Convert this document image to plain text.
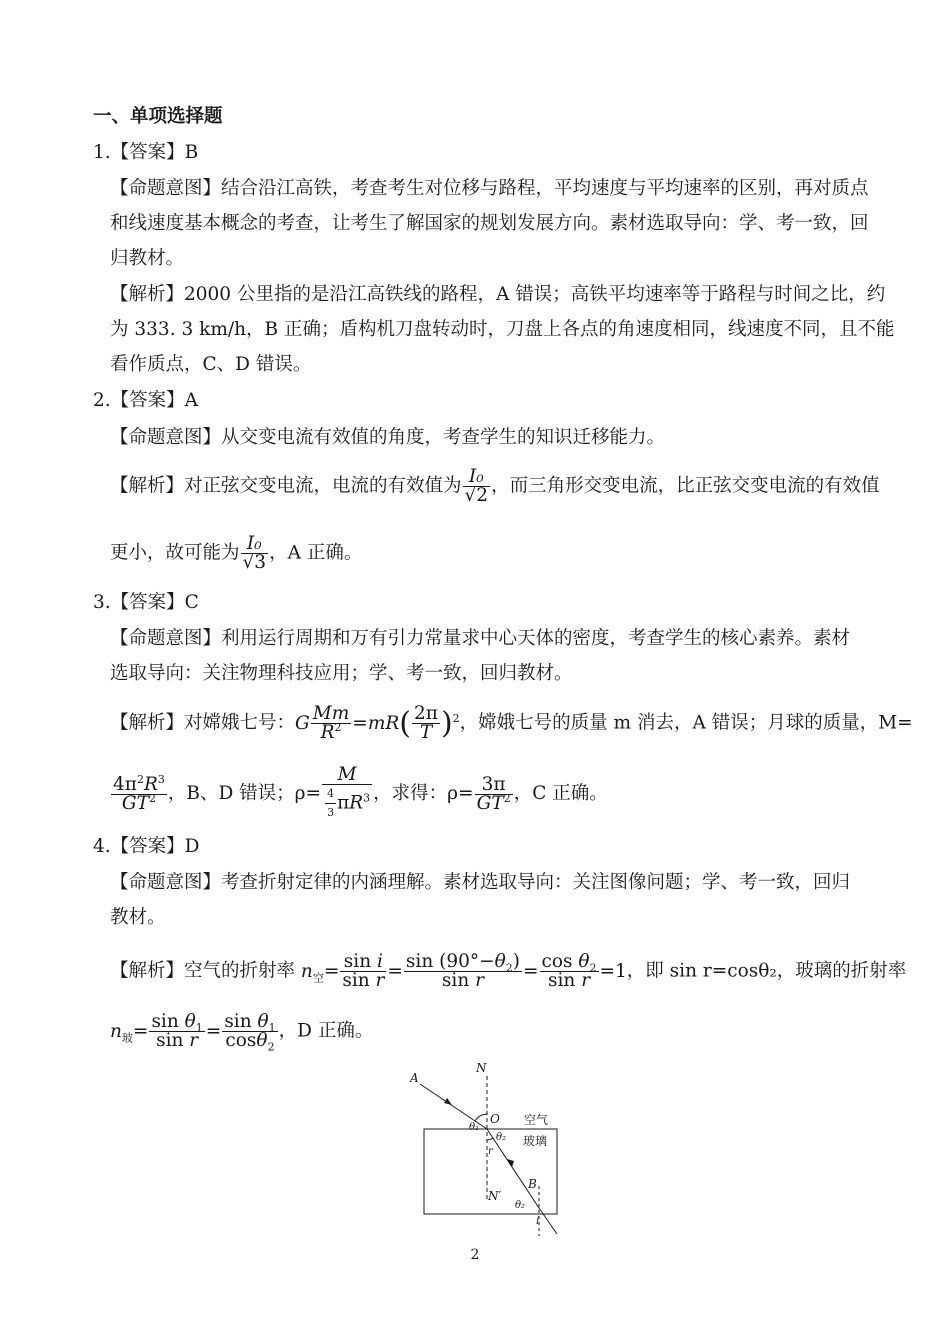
一、单项选择题
1.【答案】B
【命题意图】结合沿江高铁，考查考生对位移与路程，平均速度与平均速率的区别，再对质点
和线速度基本概念的考查，让考生了解国家的规划发展方向。素材选取导向：学、考一致，回
归教材。
【解析】2000 公里指的是沿江高铁线的路程，A 错误；高铁平均速率等于路程与时间之比，约
为 333. 3 km/h，B 正确；盾构机刀盘转动时，刀盘上各点的角速度相同，线速度不同，且不能
看作质点，C、D 错误。
2.【答案】A
【命题意图】从交变电流有效值的角度，考查学生的知识迁移能力。
【解析】对正弦交变电流，电流的有效值为 $\frac{\text{I₀}}{√2}$ ，而三角形交变电流，比正弦交变电流的有效值
更小，故可能为 $\frac{\text{I₀}}{√3}$ ，A 正确。
3.【答案】C
【命题意图】利用运行周期和万有引力常量求中心天体的密度，考查学生的核心素养。素材
选取导向：关注物理科技应用；学、考一致，回归教材。
【解析】对嫦娥七号：G $\frac{Mm}{R^2} =mR( \frac{2\pi}{T} )^2$，嫦娥七号的质量 m 消去，A 错误；月球的质量，M=
$\frac{4\pi^2R^3}{GT^2}$ ，B、D 错误；$\rho= \frac{M}{\frac{4}{3} \pi R^3}$ ，求得：$\rho= \frac{3\pi}{GT^2}$ ，C 正确。
4.【答案】D
【命题意图】考查折射定律的内涵理解。素材选取导向：关注图像问题；学、考一致，回归
教材。
【解析】空气的折射率 $n_空= \frac{\text{sin i}}{\text{sin r}} = \frac{\sin (90^\circ-\theta_2)}{\text{sin r}} = \frac{\cos \theta_2}{\text{sin r}} =1$，即 sin r=cosθ₂，玻璃的折射率
$n_玻= \frac{\sin \theta_1}{\text{sin r}} = \frac{\sin \theta_1}{\cos\theta_2}$ ，D 正确。
A
N
O
θ₁
θ₂
r
N′
B
θ₂
i
空气
玻璃
2
